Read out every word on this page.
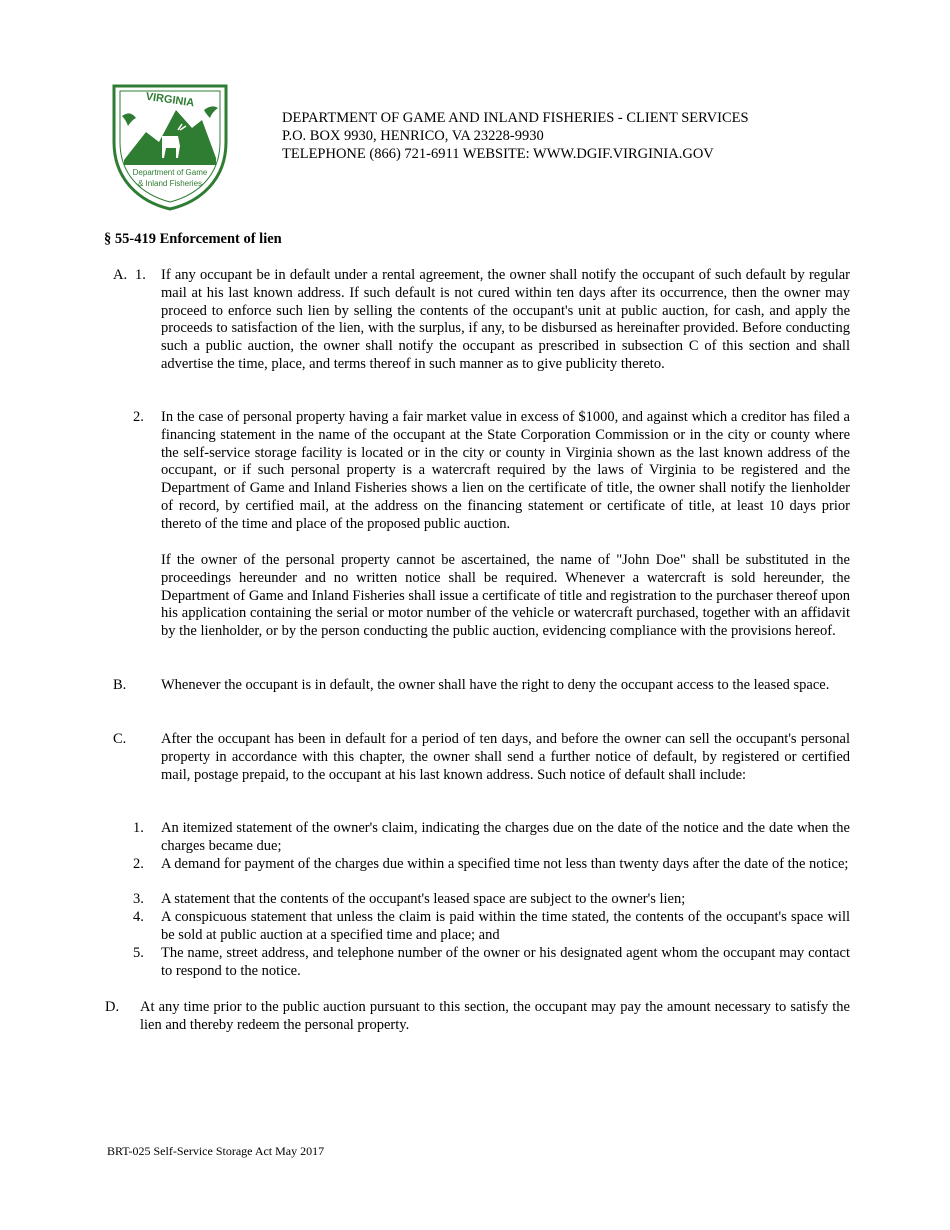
VIRGINIA
Department of Game
& Inland Fisheries
DEPARTMENT OF GAME AND INLAND FISHERIES - CLIENT SERVICES
P.O. BOX 9930, HENRICO, VA 23228-9930
TELEPHONE (866) 721-6911 WEBSITE: WWW.DGIF.VIRGINIA.GOV
§ 55-419 Enforcement of lien
A. 1. If any occupant be in default under a rental agreement, the owner shall notify the occupant of such default by regular mail at his last known address. If such default is not cured within ten days after its occurrence, then the owner may proceed to enforce such lien by selling the contents of the occupant's unit at public auction, for cash, and apply the proceeds to satisfaction of the lien, with the surplus, if any, to be disbursed as hereinafter provided. Before conducting such a public auction, the owner shall notify the occupant as prescribed in subsection C of this section and shall advertise the time, place, and terms thereof in such manner as to give publicity thereto.
2. In the case of personal property having a fair market value in excess of $1000, and against which a creditor has filed a financing statement in the name of the occupant at the State Corporation Commission or in the city or county where the self-service storage facility is located or in the city or county in Virginia shown as the last known address of the occupant, or if such personal property is a watercraft required by the laws of Virginia to be registered and the Department of Game and Inland Fisheries shows a lien on the certificate of title, the owner shall notify the lienholder of record, by certified mail, at the address on the financing statement or certificate of title, at least 10 days prior thereto of the time and place of the proposed public auction.
If the owner of the personal property cannot be ascertained, the name of "John Doe" shall be substituted in the proceedings hereunder and no written notice shall be required. Whenever a watercraft is sold hereunder, the Department of Game and Inland Fisheries shall issue a certificate of title and registration to the purchaser thereof upon his application containing the serial or motor number of the vehicle or watercraft purchased, together with an affidavit by the lienholder, or by the person conducting the public auction, evidencing compliance with the provisions hereof.
B. Whenever the occupant is in default, the owner shall have the right to deny the occupant access to the leased space.
C. After the occupant has been in default for a period of ten days, and before the owner can sell the occupant's personal property in accordance with this chapter, the owner shall send a further notice of default, by registered or certified mail, postage prepaid, to the occupant at his last known address. Such notice of default shall include:
1. An itemized statement of the owner's claim, indicating the charges due on the date of the notice and the date when the charges became due;
2. A demand for payment of the charges due within a specified time not less than twenty days after the date of the notice;
3. A statement that the contents of the occupant's leased space are subject to the owner's lien;
4. A conspicuous statement that unless the claim is paid within the time stated, the contents of the occupant's space will be sold at public auction at a specified time and place; and
5. The name, street address, and telephone number of the owner or his designated agent whom the occupant may contact to respond to the notice.
D. At any time prior to the public auction pursuant to this section, the occupant may pay the amount necessary to satisfy the lien and thereby redeem the personal property.
BRT-025 Self-Service Storage Act May 2017
